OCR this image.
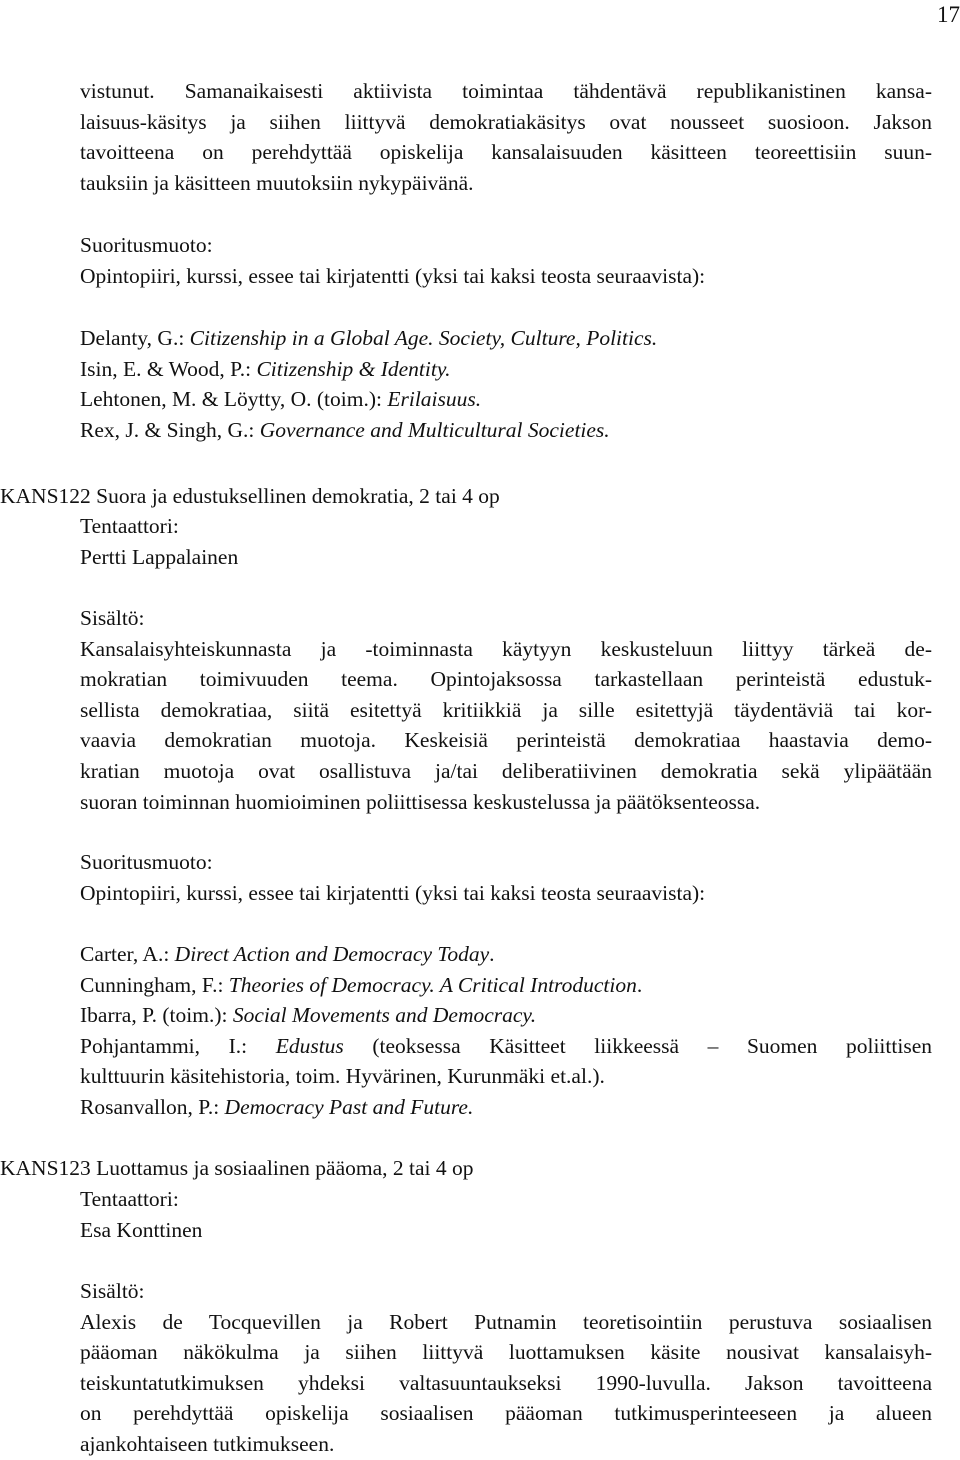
17

vistunut. Samanaikaisesti aktiivista toimintaa tähdentävä republikanistinen kansa-

laisuus-käsitys ja siihen liittyvä demokratiakäsitys ovat nousseet suosioon. Jakson

tavoitteena on perehdyttää opiskelija kansalaisuuden käsitteen teoreettisiin suun-

tauksiin ja käsitteen muutoksiin nykypäivänä.

Suoritusmuoto:

Opintopiiri, kurssi, essee tai kirjatentti (yksi tai kaksi teosta seuraavista):

Delanty, G.: Citizenship in a Global Age. Society, Culture, Politics.
Isin, E. & Wood, P.: Citizenship & Identity.
Lehtonen, M. & Löytty, O. (toim.): Erilaisuus.
Rex, J. & Singh, G.: Governance and Multicultural Societies.
KANS122 Suora ja edustuksellinen demokratia, 2 tai 4 op

Tentaattori:

Pertti Lappalainen

Sisältö:

Kansalaisyhteiskunnasta ja -toiminnasta käytyyn keskusteluun liittyy tärkeä de-

mokratian toimivuuden teema. Opintojaksossa tarkastellaan perinteistä edustuk-

sellista demokratiaa, siitä esitettyä kritiikkiä ja sille esitettyjä täydentäviä tai kor-

vaavia demokratian muotoja. Keskeisiä perinteistä demokratiaa haastavia demo-

kratian muotoja ovat osallistuva ja/tai deliberatiivinen demokratia sekä ylipäätään

suoran toiminnan huomioiminen poliittisessa keskustelussa ja päätöksenteossa.

Suoritusmuoto:

Opintopiiri, kurssi, essee tai kirjatentti (yksi tai kaksi teosta seuraavista):

Carter, A.: Direct Action and Democracy Today.
Cunningham, F.: Theories of Democracy. A Critical Introduction.
Ibarra, P. (toim.): Social Movements and Democracy.
Pohjantammi, I.: Edustus (teoksessa Käsitteet liikkeessä – Suomen poliittisen
kulttuurin käsitehistoria, toim. Hyvärinen, Kurunmäki et.al.).
Rosanvallon, P.: Democracy Past and Future.
KANS123 Luottamus ja sosiaalinen pääoma, 2 tai 4 op

Tentaattori:

Esa Konttinen

Sisältö:

Alexis de Tocquevillen ja Robert Putnamin teoretisointiin perustuva sosiaalisen

pääoman näkökulma ja siihen liittyvä luottamuksen käsite nousivat kansalaisyh-

teiskuntatutkimuksen yhdeksi valtasuuntaukseksi 1990-luvulla. Jakson tavoitteena

on perehdyttää opiskelija sosiaalisen pääoman tutkimusperinteeseen ja alueen

ajankohtaiseen tutkimukseen.
